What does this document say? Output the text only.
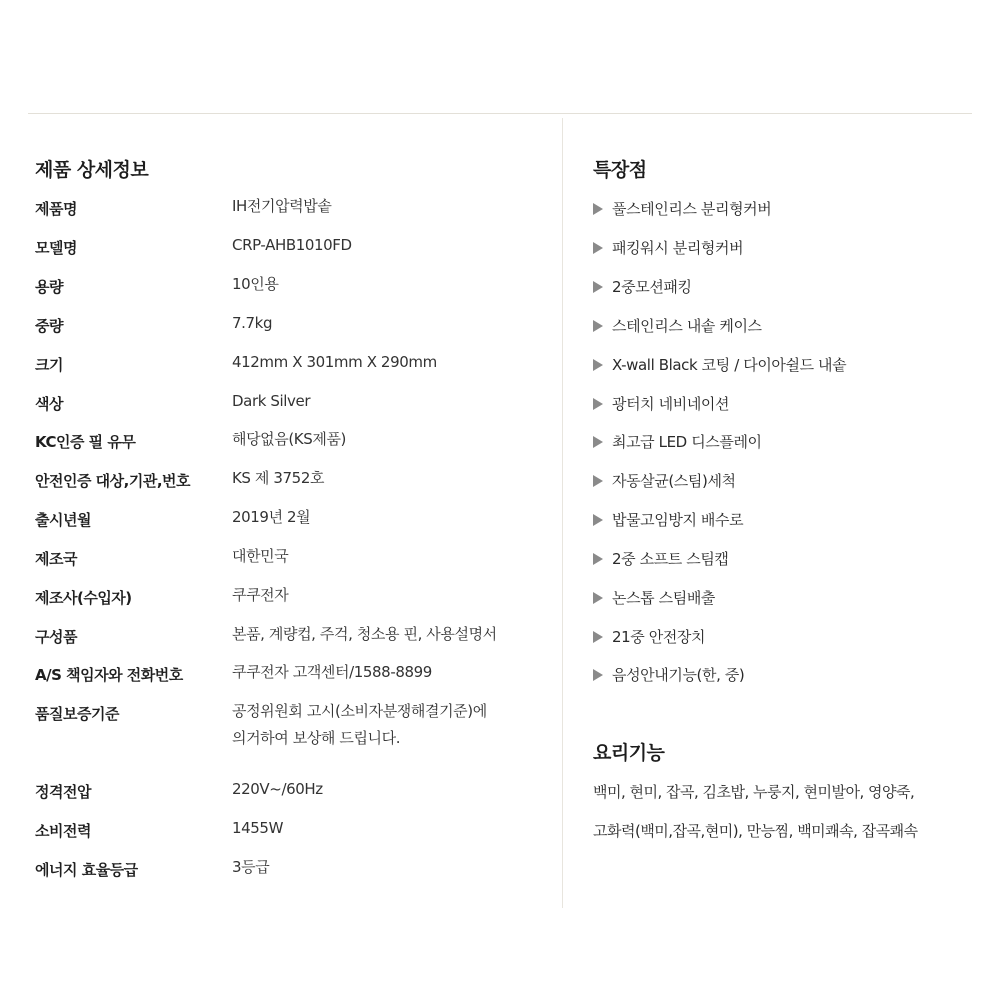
제품 상세정보
제품명	IH전기압력밥솥
모델명	CRP-AHB1010FD
용량	10인용
중량	7.7kg
크기	412mm X 301mm X 290mm
색상	Dark Silver
KC인증 필 유무	해당없음(KS제품)
안전인증 대상,기관,번호	KS 제 3752호
출시년월	2019년 2월
제조국	대한민국
제조사(수입자)	쿠쿠전자
구성품	본품, 계량컵, 주걱, 청소용 핀, 사용설명서
A/S 책임자와 전화번호	쿠쿠전자 고객센터/1588-8899
품질보증기준	공정위원회 고시(소비자분쟁해결기준)에
의거하여 보상해 드립니다.
정격전압	220V~/60Hz
소비전력	1455W
에너지 효율등급	3등급
특장점
풀스테인리스 분리형커버
패킹워시 분리형커버
2중모션패킹
스테인리스 내솥 케이스
X-wall Black 코팅 / 다이아쉴드 내솥
광터치 네비네이션
최고급 LED 디스플레이
자동살균(스팀)세척
밥물고임방지 배수로
2중 소프트 스팀캡
논스톱 스팀배출
21중 안전장치
음성안내기능(한, 중)
요리기능
백미, 현미, 잡곡, 김초밥, 누룽지, 현미발아, 영양죽,
고화력(백미,잡곡,현미), 만능찜, 백미쾌속, 잡곡쾌속
